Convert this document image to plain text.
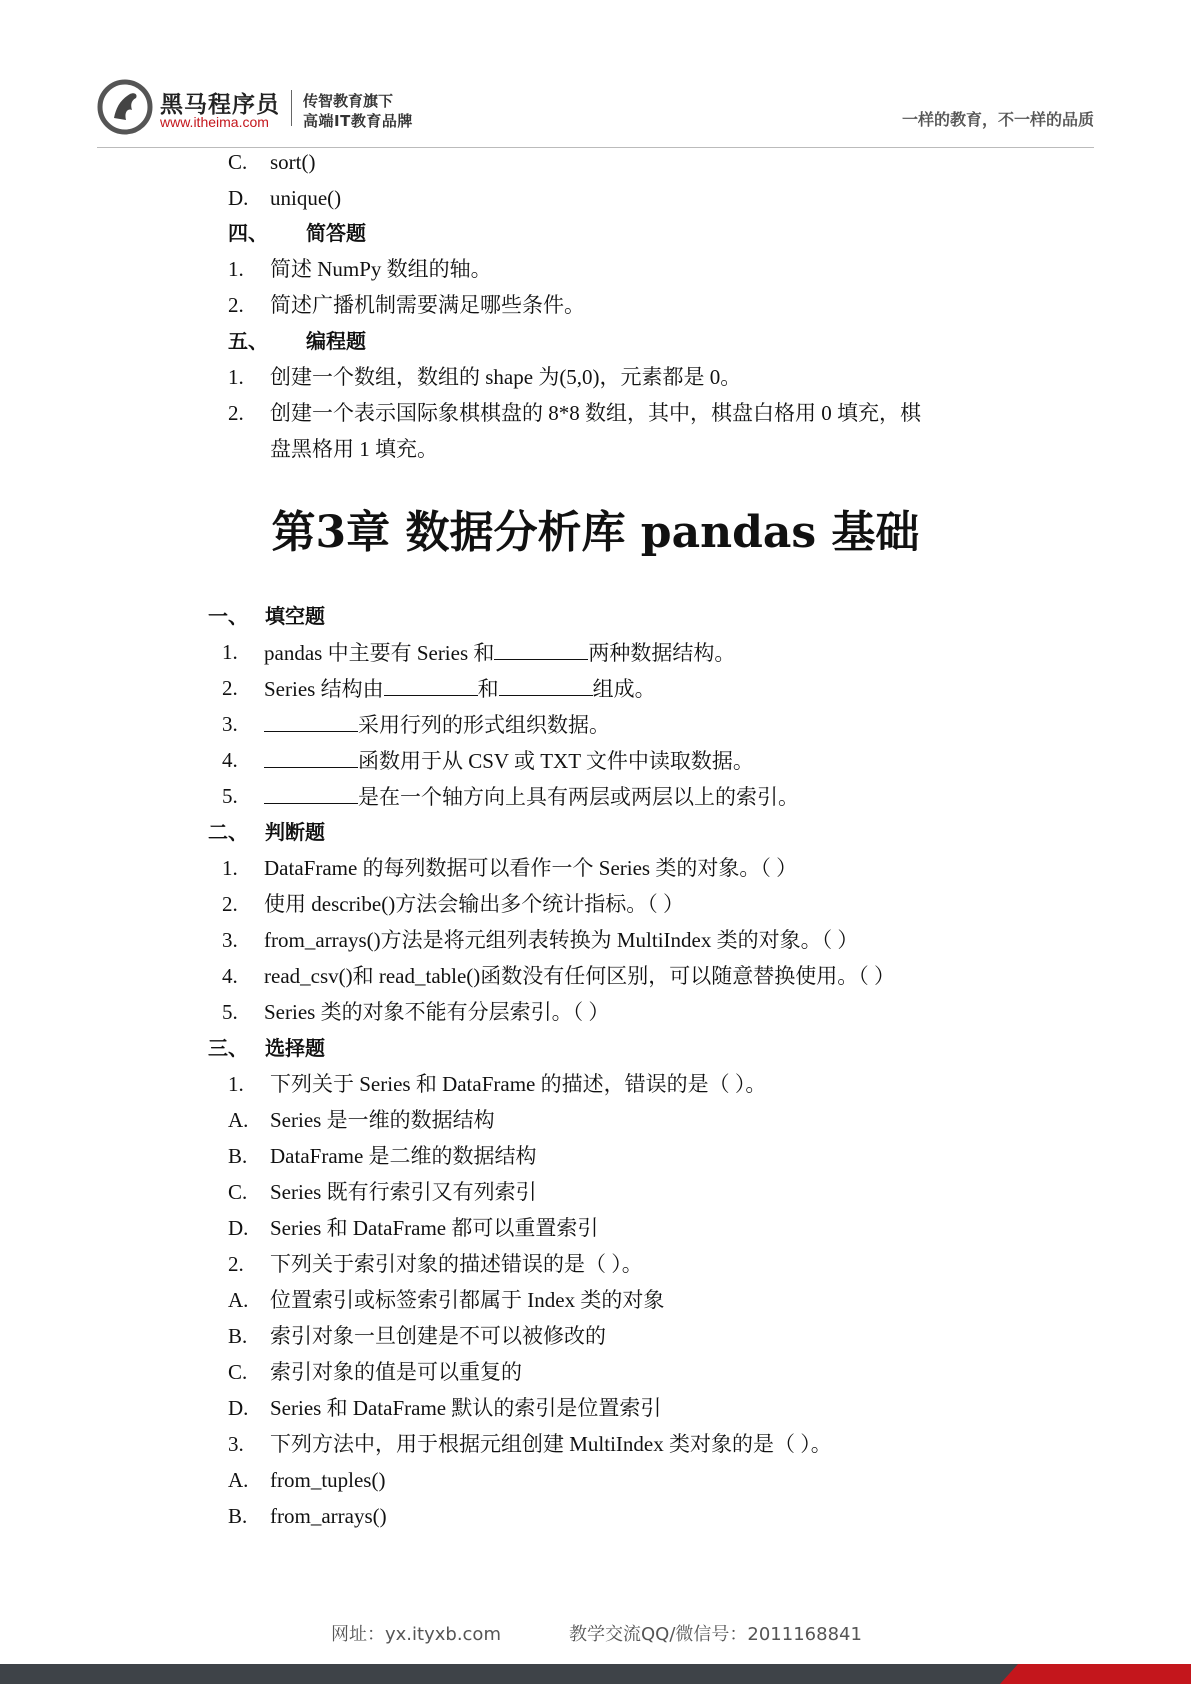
黑马程序员
www.itheima.com
传智教育旗下
高端IT教育品牌	一样的教育，不一样的品质
C.	sort()
D.	unique()
四、	简答题
1.	简述 NumPy 数组的轴。
2.	简述广播机制需要满足哪些条件。
五、	编程题
1.	创建一个数组，数组的 shape 为(5,0)，元素都是 0。
2.	创建一个表示国际象棋棋盘的 8*8 数组，其中，棋盘白格用 0 填充，棋
盘黑格用 1 填充。
第3章 数据分析库 pandas 基础
一、 填空题
1.	pandas 中主要有 Series 和	两种数据结构。
2.	Series 结构由	和	组成。
3.	采用行列的形式组织数据。
4.	函数用于从 CSV 或 TXT 文件中读取数据。
5.	是在一个轴方向上具有两层或两层以上的索引。
二、 判断题
1.	DataFrame 的每列数据可以看作一个 Series 类的对象。（ ）
2.	使用 describe()方法会输出多个统计指标。（ ）
3.	from_arrays()方法是将元组列表转换为 MultiIndex 类的对象。（ ）
4.	read_csv()和 read_table()函数没有任何区别，可以随意替换使用。（ ）
5.	Series 类的对象不能有分层索引。（ ）
三、 选择题
1.	下列关于 Series 和 DataFrame 的描述，错误的是（ ）。
A.	Series 是一维的数据结构
B.	DataFrame 是二维的数据结构
C.	Series 既有行索引又有列索引
D.	Series 和 DataFrame 都可以重置索引
2.	下列关于索引对象的描述错误的是（ ）。
A.	位置索引或标签索引都属于 Index 类的对象
B.	索引对象一旦创建是不可以被修改的
C.	索引对象的值是可以重复的
D.	Series 和 DataFrame 默认的索引是位置索引
3.	下列方法中，用于根据元组创建 MultiIndex 类对象的是（ ）。
A.	from_tuples()
B.	from_arrays()
网址：yx.ityxb.com	教学交流QQ/微信号：2011168841
